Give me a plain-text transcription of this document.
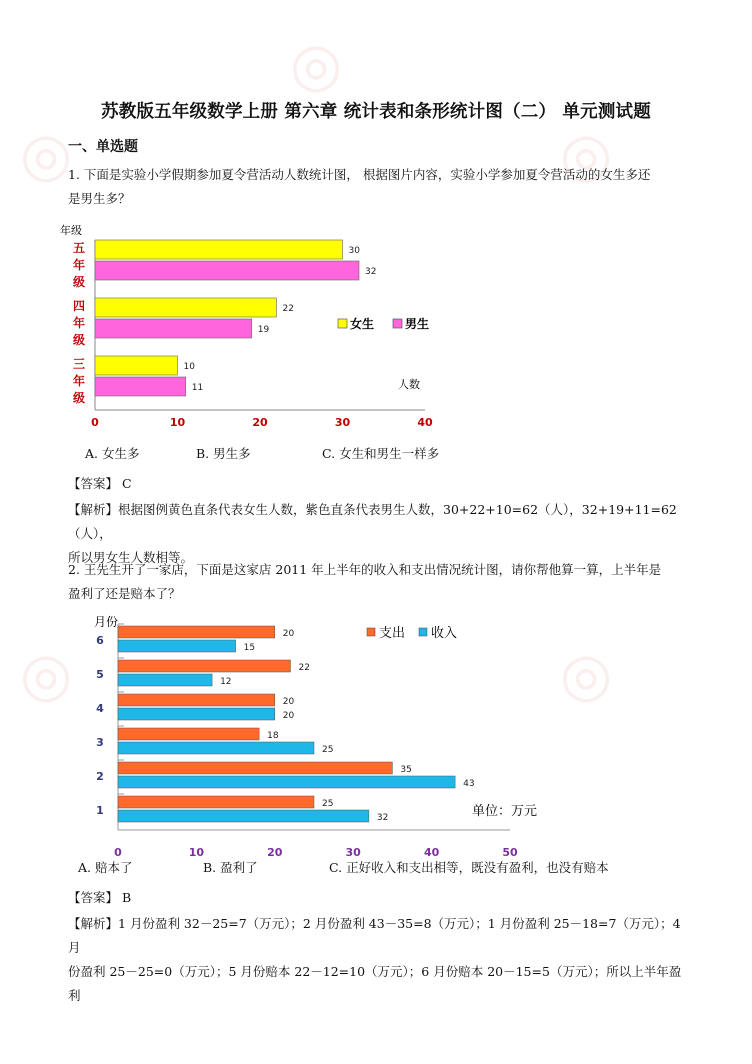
◎
◎
◎
◎	◎
苏教版五年级数学上册 第六章 统计表和条形统计图（二） 单元测试题
一、单选题
1. 下面是实验小学假期参加夏令营活动人数统计图， 根据图片内容，实验小学参加夏令营活动的女生多还
是男生多？
年级
五
年
级
30
32
四
年
级
22
19
三
年
级
10
11
0	10	20	30	40
人数
女生	男生
A. 女生多	B. 男生多	C. 女生和男生一样多
【答案】 C
【解析】根据图例黄色直条代表女生人数，紫色直条代表男生人数，30+22+10=62（人），32+19+11=62（人），
所以男女生人数相等。
2. 王先生开了一家店，下面是这家店 2011 年上半年的收入和支出情况统计图，请你帮他算一算，上半年是
盈利了还是赔本了？
月份
6	20
15
5	22
12
4	20
20
3	18
25
2	35
43
1	25
32
0	10	20	30	40	50
单位：万元
支出 收入
A. 赔本了	B. 盈利了	C. 正好收入和支出相等，既没有盈利，也没有赔本
【答案】 B
【解析】1 月份盈利 32－25=7（万元）；2 月份盈利 43－35=8（万元）；1 月份盈利 25－18=7（万元）；4 月
份盈利 25－25=0（万元）；5 月份赔本 22－12=10（万元）；6 月份赔本 20－15=5（万元）；所以上半年盈利
